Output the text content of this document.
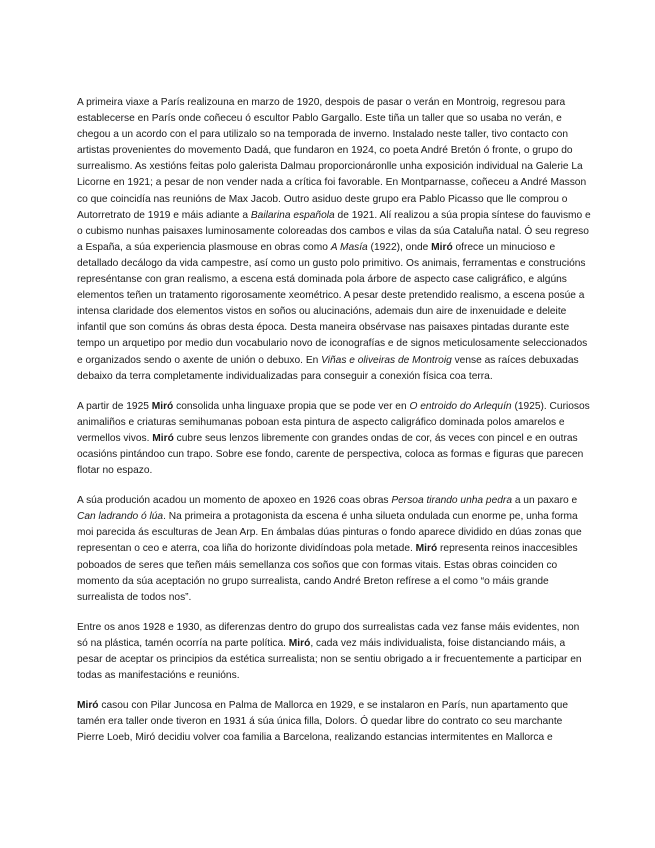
A primeira viaxe a París realizouna en marzo de 1920, despois de pasar o verán en Montroig, regresou para establecerse en París onde coñeceu ó escultor Pablo Gargallo. Este tiña un taller que so usaba no verán, e chegou a un acordo con el para utilizalo so na temporada de inverno. Instalado neste taller, tivo contacto con artistas provenientes do movemento Dadá, que fundaron en 1924, co poeta André Bretón ó fronte, o grupo do surrealismo. As xestións feitas polo galerista Dalmau proporcionáronlle unha exposición individual na Galerie La Licorne en 1921; a pesar de non vender nada a crítica foi favorable. En Montparnasse, coñeceu a André Masson co que coincidía nas reunións de Max Jacob. Outro asiduo deste grupo era Pablo Picasso que lle comprou o Autorretrato de 1919 e máis adiante a Bailarina española de 1921. Alí realizou a súa propia síntese do fauvismo e o cubismo nunhas paisaxes luminosamente coloreadas dos cambos e vilas da súa Cataluña natal. Ó seu regreso a España, a súa experiencia plasmouse en obras como A Masía (1922), onde Miró ofrece un minucioso e detallado decálogo da vida campestre, así como un gusto polo primitivo. Os animais, ferramentas e construcións represéntanse con gran realismo, a escena está dominada pola árbore de aspecto case caligráfico, e algúns elementos teñen un tratamento rigorosamente xeométrico. A pesar deste pretendido realismo, a escena posúe a intensa claridade dos elementos vistos en soños ou alucinacións, ademais dun aire de inxenuidade e deleite infantil que son comúns ás obras desta época. Desta maneira obsérvase nas paisaxes pintadas durante este tempo un arquetipo por medio dun vocabulario novo de iconografías e de signos meticulosamente seleccionados e organizados sendo o axente de unión o debuxo. En Viñas e oliveiras de Montroig vense as raíces debuxadas debaixo da terra completamente individualizadas para conseguir a conexión física coa terra.

A partir de 1925 Miró consolida unha linguaxe propia que se pode ver en O entroido do Arlequín (1925). Curiosos animaliños e criaturas semihumanas poboan esta pintura de aspecto caligráfico dominada polos amarelos e vermellos vivos. Miró cubre seus lenzos libremente con grandes ondas de cor, ás veces con pincel e en outras ocasións pintándoo cun trapo. Sobre ese fondo, carente de perspectiva, coloca as formas e figuras que parecen flotar no espazo.

A súa produción acadou un momento de apoxeo en 1926 coas obras Persoa tirando unha pedra a un paxaro e Can ladrando ó lúa. Na primeira a protagonista da escena é unha silueta ondulada cun enorme pe, unha forma moi parecida ás esculturas de Jean Arp. En ámbalas dúas pinturas o fondo aparece dividido en dúas zonas que representan o ceo e aterra, coa liña do horizonte dividíndoas pola metade. Miró representa reinos inaccesibles poboados de seres que teñen máis semellanza cos soños que con formas vitais. Estas obras coinciden co momento da súa aceptación no grupo surrealista, cando André Breton refírese a el como “o máis grande surrealista de todos nos”.

Entre os anos 1928 e 1930, as diferenzas dentro do grupo dos surrealistas cada vez fanse máis evidentes, non só na plástica, tamén ocorría na parte política. Miró, cada vez máis individualista, foise distanciando máis, a pesar de aceptar os principios da estética surrealista; non se sentiu obrigado a ir frecuentemente a participar en todas as manifestacións e reunións.

Miró casou con Pilar Juncosa en Palma de Mallorca en 1929, e se instalaron en París, nun apartamento que tamén era taller onde tiveron en 1931 á súa única filla, Dolors. Ó quedar libre do contrato co seu marchante Pierre Loeb, Miró decidiu volver coa familia a Barcelona, realizando estancias intermitentes en Mallorca e
